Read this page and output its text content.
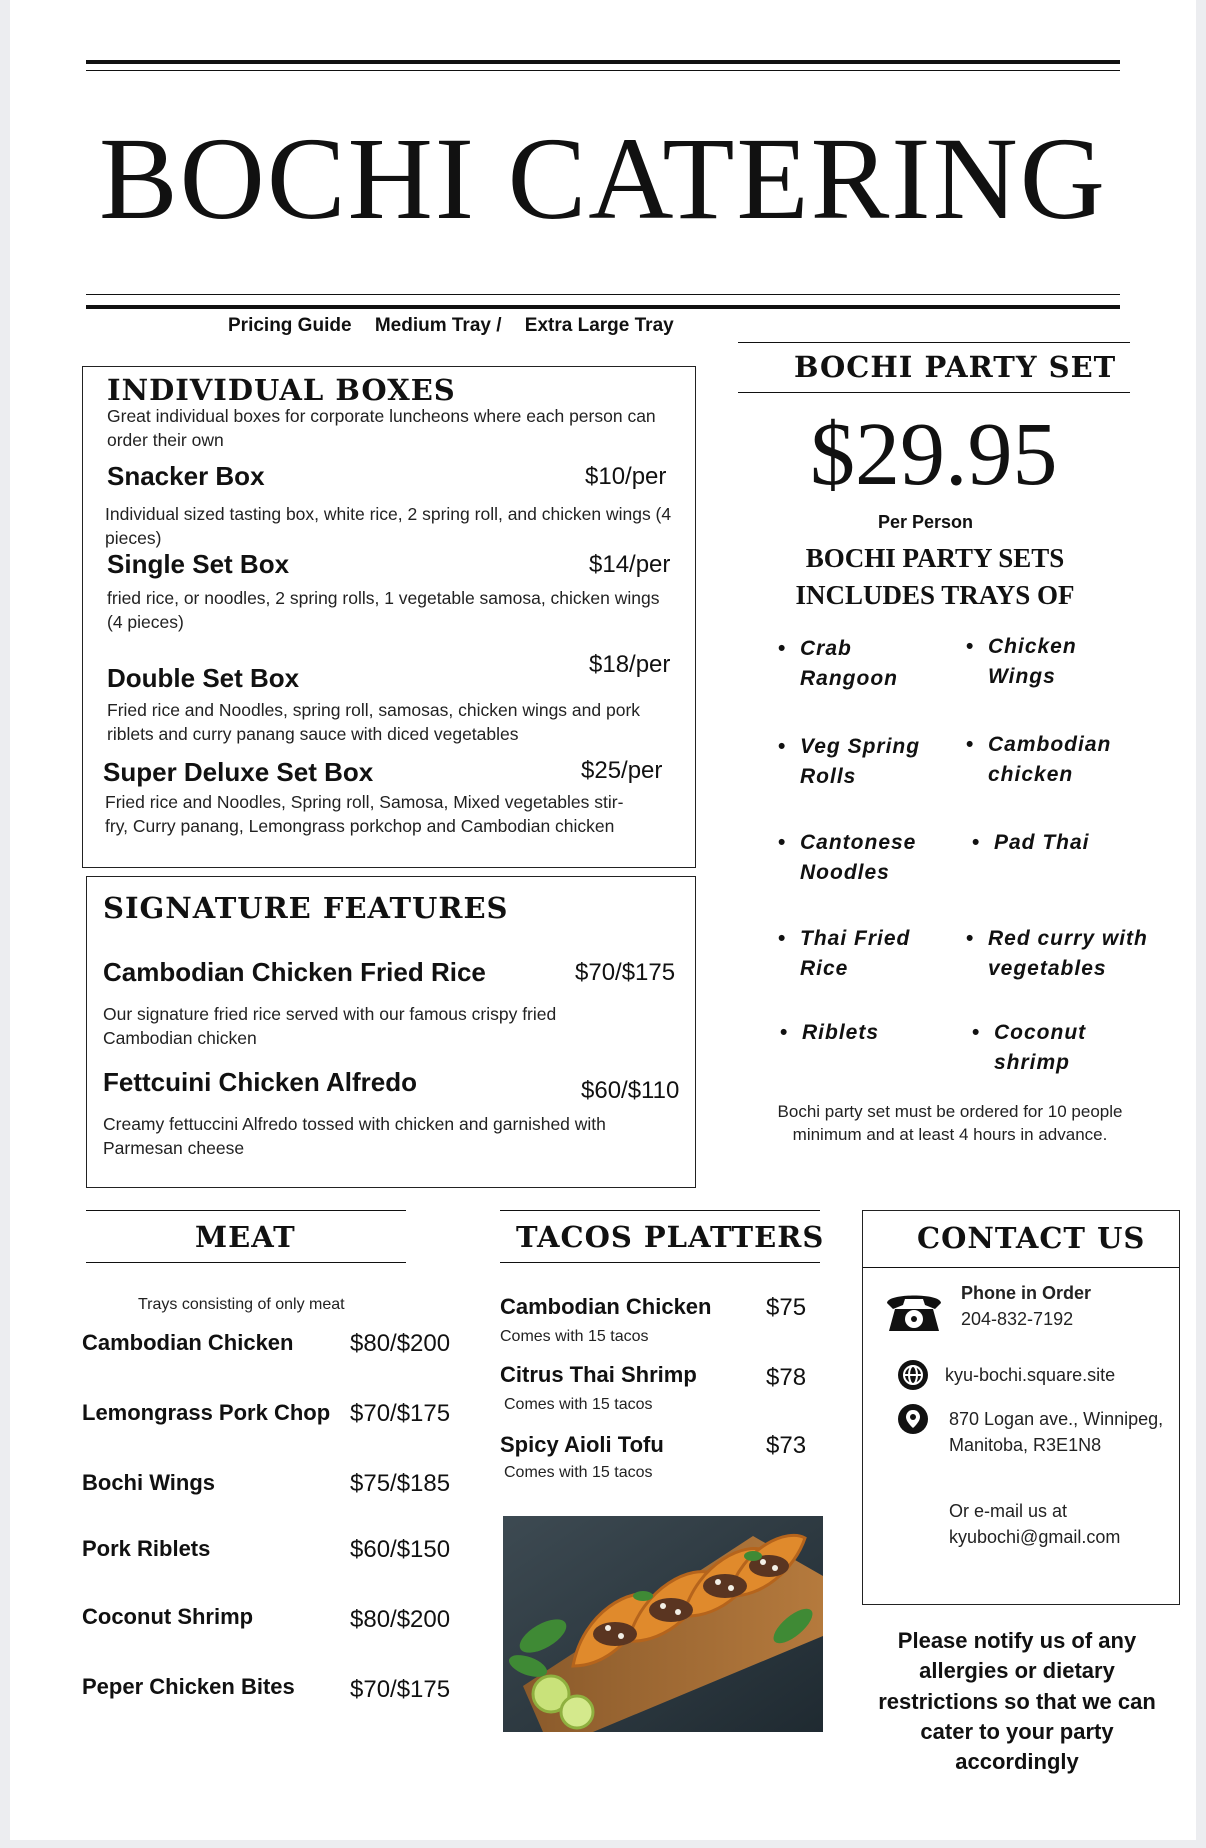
BOCHI CATERING
Pricing Guide Medium Tray / Extra Large Tray
INDIVIDUAL BOXES
Great individual boxes for corporate luncheons where each person can order their own
Snacker Box	$10/per
Individual sized tasting box, white rice, 2 spring roll, and chicken wings (4 pieces)
Single Set Box	$14/per
fried rice, or noodles, 2 spring rolls, 1 vegetable samosa, chicken wings (4 pieces)
Double Set Box	$18/per
Fried rice and Noodles, spring roll, samosas, chicken wings and pork riblets and curry panang sauce with diced vegetables
Super Deluxe Set Box	$25/per
Fried rice and Noodles, Spring roll, Samosa, Mixed vegetables stir-fry, Curry panang, Lemongrass porkchop and Cambodian chicken
SIGNATURE FEATURES
Cambodian Chicken Fried Rice	$70/$175
Our signature fried rice served with our famous crispy fried Cambodian chicken
Fettcuini Chicken Alfredo	$60/$110
Creamy fettuccini Alfredo tossed with chicken and garnished with Parmesan cheese
BOCHI PARTY SET
$29.95
Per Person
BOCHI PARTY SETS INCLUDES TRAYS OF
• Crab Rangoon
• Veg Spring Rolls
• Cantonese Noodles
• Thai Fried Rice
• Riblets
• Chicken Wings
• Cambodian chicken
• Pad Thai
• Red curry with vegetables
• Coconut shrimp
Bochi party set must be ordered for 10 people minimum and at least 4 hours in advance.
MEAT
Trays consisting of only meat
Cambodian Chicken $80/$200
Lemongrass Pork Chop $70/$175
Bochi Wings	$75/$185
Pork Riblets	$60/$150
Coconut Shrimp	$80/$200
Peper Chicken Bites $70/$175
TACOS PLATTERS
Cambodian Chicken $75
Comes with 15 tacos
Citrus Thai Shrimp	$78
Comes with 15 tacos
Spicy Aioli Tofu	$73
Comes with 15 tacos
CONTACT US
Phone in Order
204-832-7192
kyu-bochi.square.site
870 Logan ave., Winnipeg,
Manitoba, R3E1N8
Or e-mail us at
kyubochi@gmail.com
Please notify us of any allergies or dietary restrictions so that we can cater to your party accordingly
